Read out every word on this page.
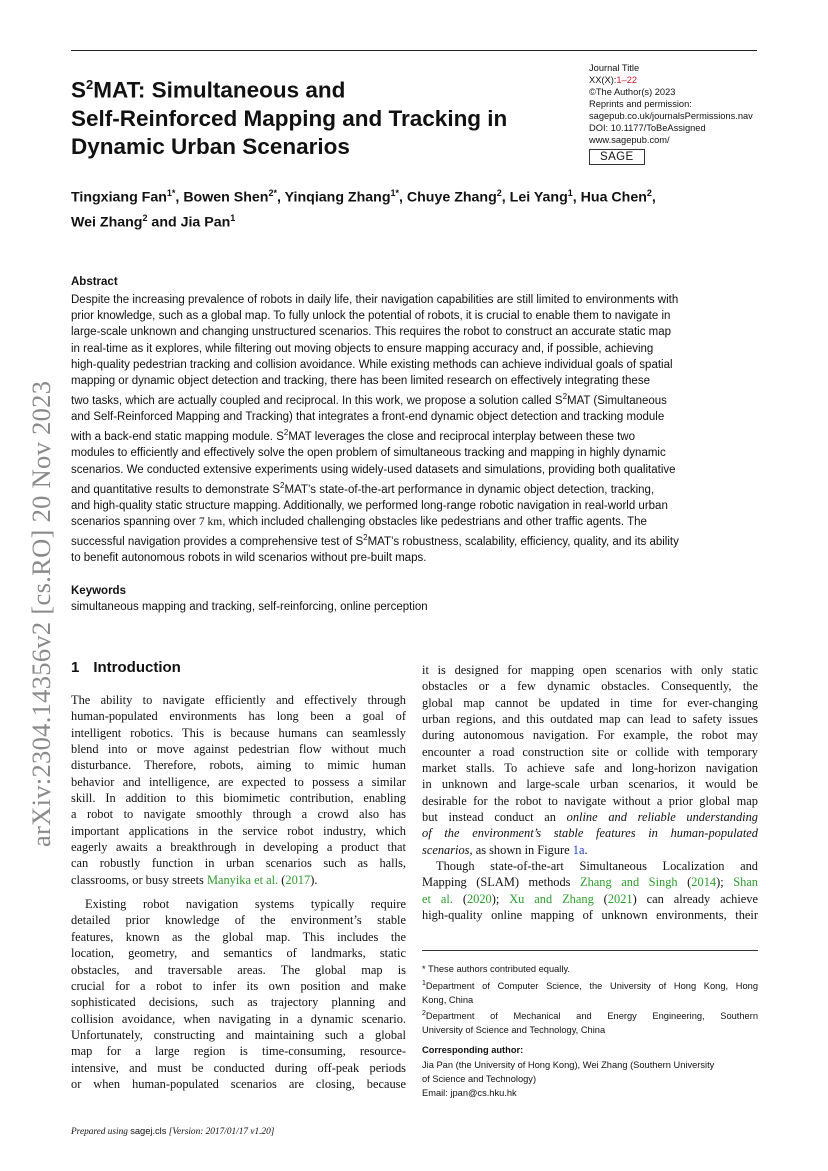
$S^2MAT$: Simultaneous and
Self-Reinforced Mapping and Tracking in
Dynamic Urban Scenarios
Journal Title
XX(X):1–22
©The Author(s) 2023
Reprints and permission:
sagepub.co.uk/journalsPermissions.nav
DOI: 10.1177/ToBeAssigned
www.sagepub.com/
SAGE
Tingxiang Fan$^{1*}$, Bowen Shen$^{2*}$, Yinqiang Zhang$^{1*}$, Chuye Zhang$^2$, Lei Yang$^1$, Hua Chen$^2$,
Wei Zhang$^2$ and Jia Pan$^1$
arXiv:2304.14356v2 [cs.RO] 20 Nov 2023
Abstract
Despite the increasing prevalence of robots in daily life, their navigation capabilities are still limited to environments with
prior knowledge, such as a global map. To fully unlock the potential of robots, it is crucial to enable them to navigate in
large-scale unknown and changing unstructured scenarios. This requires the robot to construct an accurate static map
in real-time as it explores, while filtering out moving objects to ensure mapping accuracy and, if possible, achieving
high-quality pedestrian tracking and collision avoidance. While existing methods can achieve individual goals of spatial
mapping or dynamic object detection and tracking, there has been limited research on effectively integrating these
two tasks, which are actually coupled and reciprocal. In this work, we propose a solution called $S^2MAT$ (Simultaneous
and Self-Reinforced Mapping and Tracking) that integrates a front-end dynamic object detection and tracking module
with a back-end static mapping module. $S^2MAT$ leverages the close and reciprocal interplay between these two
modules to efficiently and effectively solve the open problem of simultaneous tracking and mapping in highly dynamic
scenarios. We conducted extensive experiments using widely-used datasets and simulations, providing both qualitative
and quantitative results to demonstrate $S^2MAT’s$ state-of-the-art performance in dynamic object detection, tracking,
and high-quality static structure mapping. Additionally, we performed long-range robotic navigation in real-world urban
scenarios spanning over 7 km, which included challenging obstacles like pedestrians and other traffic agents. The
successful navigation provides a comprehensive test of $S^2MAT’s$ robustness, scalability, efficiency, quality, and its ability
to benefit autonomous robots in wild scenarios without pre-built maps.
Keywords
simultaneous mapping and tracking, self-reinforcing, online perception
1 Introduction
The ability to navigate efficiently and effectively through
human-populated environments has long been a goal of
intelligent robotics. This is because humans can seamlessly
blend into or move against pedestrian flow without much
disturbance. Therefore, robots, aiming to mimic human
behavior and intelligence, are expected to possess a similar
skill. In addition to this biomimetic contribution, enabling
a robot to navigate smoothly through a crowd also has
important applications in the service robot industry, which
eagerly awaits a breakthrough in developing a product that
can robustly function in urban scenarios such as halls,
classrooms, or busy streets Manyika et al. (2017).
Existing robot navigation systems typically require
detailed prior knowledge of the environment’s stable
features, known as the global map. This includes the
location, geometry, and semantics of landmarks, static
obstacles, and traversable areas. The global map is
crucial for a robot to infer its own position and make
sophisticated decisions, such as trajectory planning and
collision avoidance, when navigating in a dynamic scenario.
Unfortunately, constructing and maintaining such a global
map for a large region is time-consuming, resource-
intensive, and must be conducted during off-peak periods
or when human-populated scenarios are closing, because
it is designed for mapping open scenarios with only static
obstacles or a few dynamic obstacles. Consequently, the
global map cannot be updated in time for ever-changing
urban regions, and this outdated map can lead to safety issues
during autonomous navigation. For example, the robot may
encounter a road construction site or collide with temporary
market stalls. To achieve safe and long-horizon navigation
in unknown and large-scale urban scenarios, it would be
desirable for the robot to navigate without a prior global map
but instead conduct an online and reliable understanding
of the environment’s stable features in human-populated
scenarios, as shown in Figure 1a.
Though state-of-the-art Simultaneous Localization and
Mapping (SLAM) methods Zhang and Singh (2014); Shan
et al. (2020); Xu and Zhang (2021) can already achieve
high-quality online mapping of unknown environments, their
* These authors contributed equally.
$^1$Department of Computer Science, the University of Hong Kong, Hong
Kong, China
$^2$Department of Mechanical and Energy Engineering, Southern
University of Science and Technology, China
Corresponding author:
Jia Pan (the University of Hong Kong), Wei Zhang (Southern University
of Science and Technology)
Email: jpan@cs.hku.hk
Prepared using sagej.cls [Version: 2017/01/17 v1.20]
